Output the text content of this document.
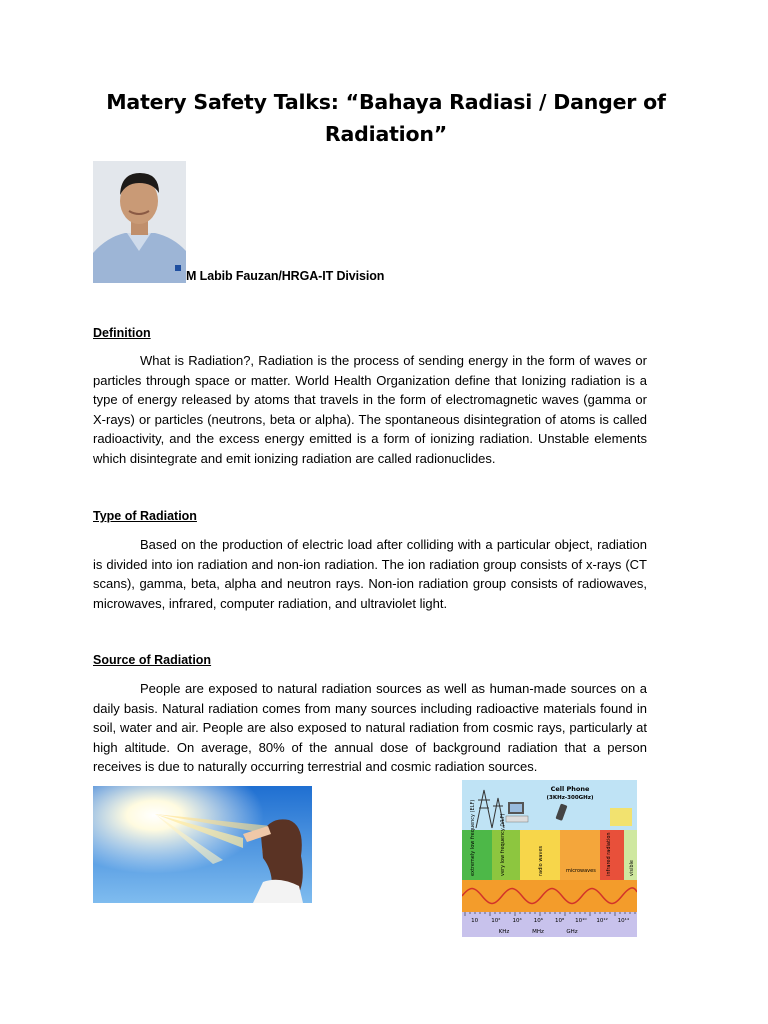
Matery Safety Talks: “Bahaya Radiasi / Danger of Radiation”
M Labib Fauzan/HRGA-IT Division
Definition
What is Radiation?, Radiation is the process of sending energy in the form of waves or particles through space or matter. World Health Organization define that Ionizing radiation is a type of energy released by atoms that travels in the form of electromagnetic waves (gamma or X-rays) or particles (neutrons, beta or alpha). The spontaneous disintegration of atoms is called radioactivity, and the excess energy emitted is a form of ionizing radiation. Unstable elements which disintegrate and emit ionizing radiation are called radionuclides.
Type of Radiation
Based on the production of electric load after colliding with a particular object, radiation is divided into ion radiation and non-ion radiation. The ion radiation group consists of x-rays (CT scans), gamma, beta, alpha and neutron rays. Non-ion radiation group consists of radiowaves, microwaves, infrared, computer radiation, and ultraviolet light.
Source of Radiation
People are exposed to natural radiation sources as well as human-made sources on a daily basis. Natural radiation comes from many sources including radioactive materials found in soil, water and air. People are also exposed to natural radiation from cosmic rays, particularly at high altitude. On average, 80% of the annual dose of background radiation that a person receives is due to naturally occurring terrestrial and cosmic radiation sources.
Cell Phone
(3KHz-300GHz)
extremely low frequency (ELF)	very low frequency (VLF)	radio waves	microwaves infrared radiation	visible
10 10² 10⁴ 10⁶ 10⁸ 10¹⁰ 10¹² 10¹⁴
KHz	MHz	GHz
